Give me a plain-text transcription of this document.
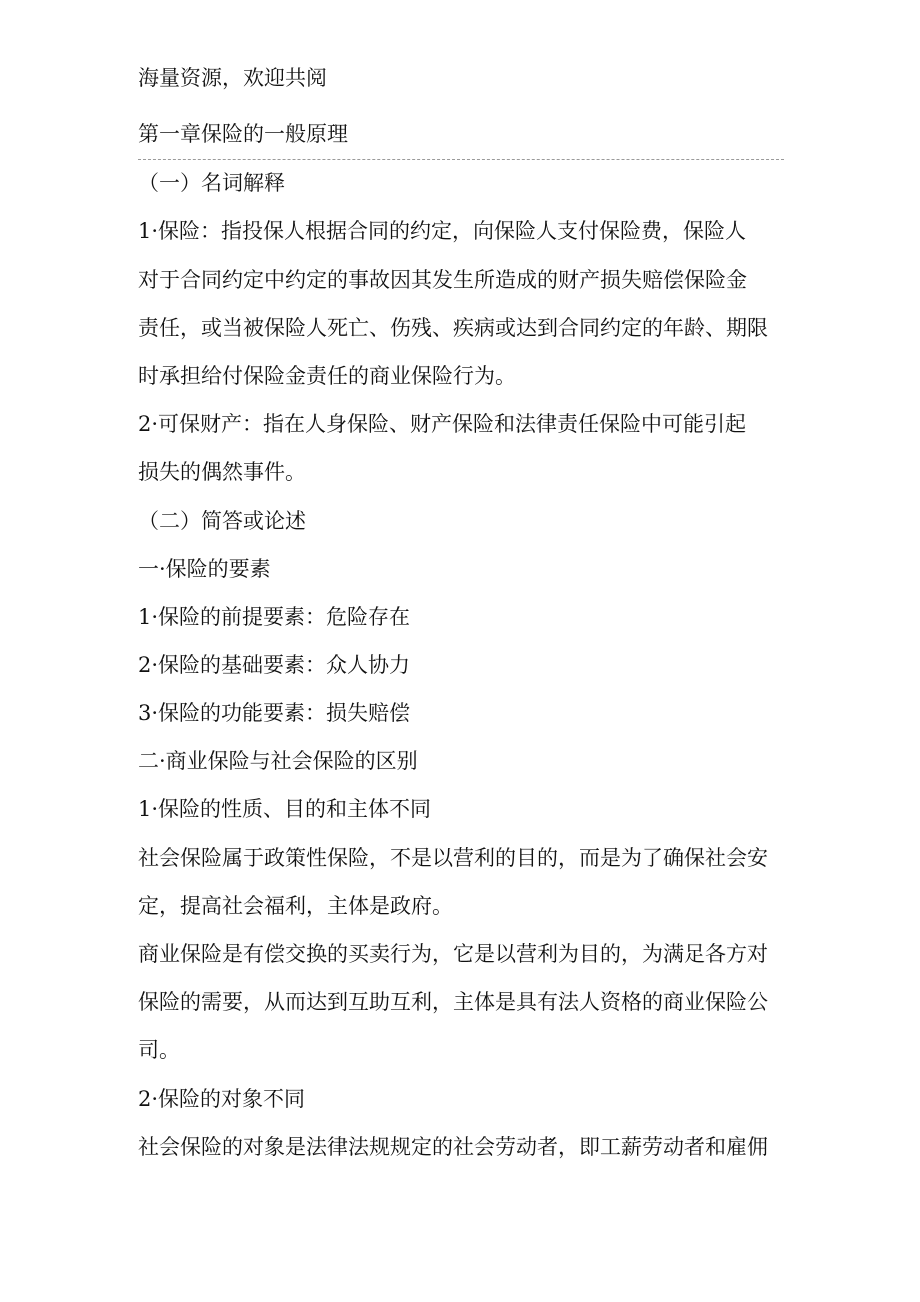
海量资源，欢迎共阅
第一章保险的一般原理
（一）名词解释
1·保险：指投保人根据合同的约定，向保险人支付保险费，保险人
对于合同约定中约定的事故因其发生所造成的财产损失赔偿保险金
责任，或当被保险人死亡、伤残、疾病或达到合同约定的年龄、期限
时承担给付保险金责任的商业保险行为。
2·可保财产：指在人身保险、财产保险和法律责任保险中可能引起
损失的偶然事件。
（二）简答或论述
一·保险的要素
1·保险的前提要素：危险存在
2·保险的基础要素：众人协力
3·保险的功能要素：损失赔偿
二·商业保险与社会保险的区别
1·保险的性质、目的和主体不同
社会保险属于政策性保险，不是以营利的目的，而是为了确保社会安
定，提高社会福利，主体是政府。
商业保险是有偿交换的买卖行为，它是以营利为目的，为满足各方对
保险的需要，从而达到互助互利，主体是具有法人资格的商业保险公
司。
2·保险的对象不同
社会保险的对象是法律法规规定的社会劳动者，即工薪劳动者和雇佣
